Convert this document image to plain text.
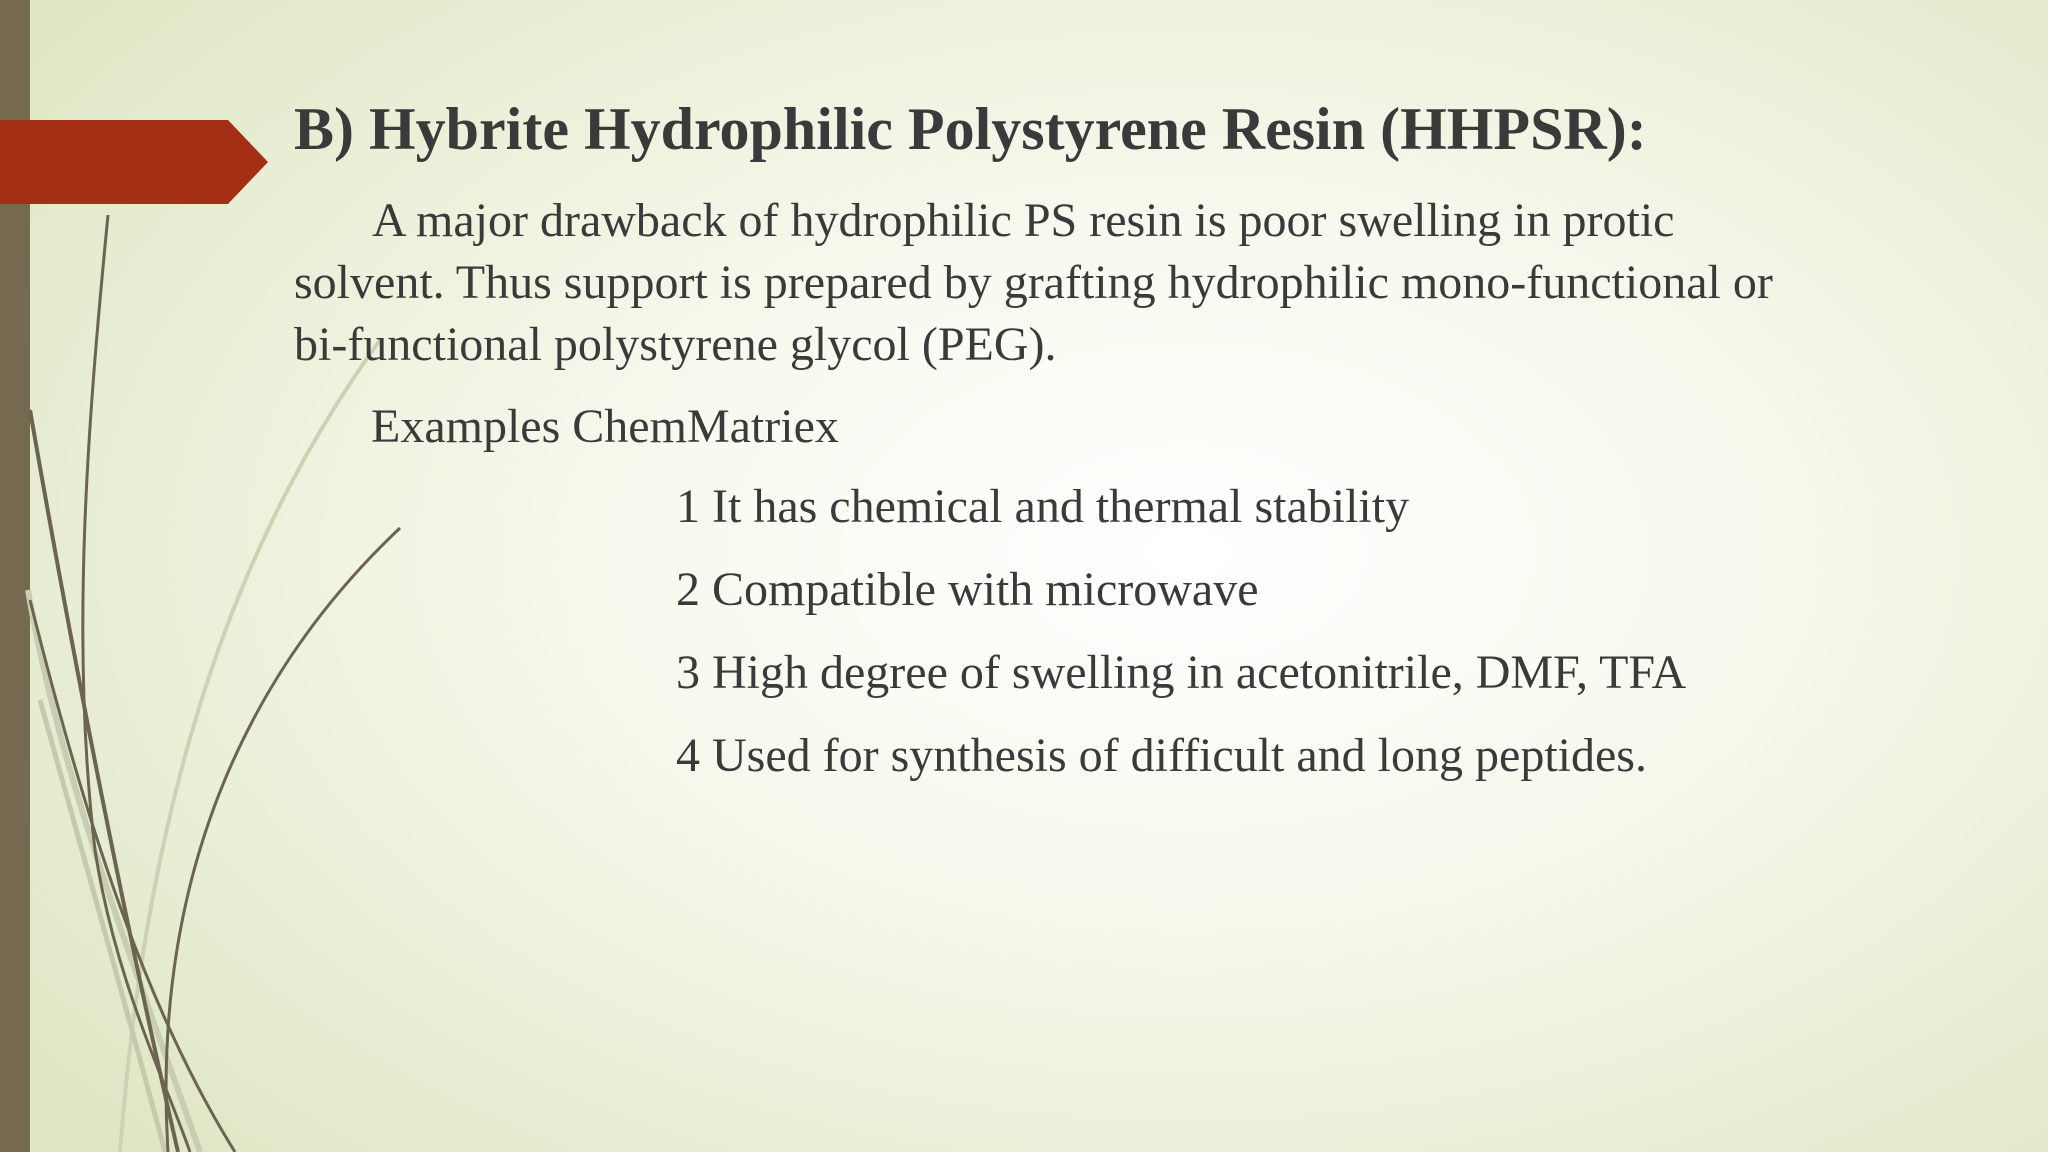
B) Hybrite Hydrophilic Polystyrene Resin (HHPSR):

A major drawback of hydrophilic PS resin is poor swelling in protic solvent. Thus support is prepared by grafting hydrophilic mono-functional or bi-functional polystyrene glycol (PEG).

Examples ChemMatriex

1 It has chemical and thermal stability
2 Compatible with microwave
3 High degree of swelling in acetonitrile, DMF, TFA
4 Used for synthesis of difficult and long peptides.
